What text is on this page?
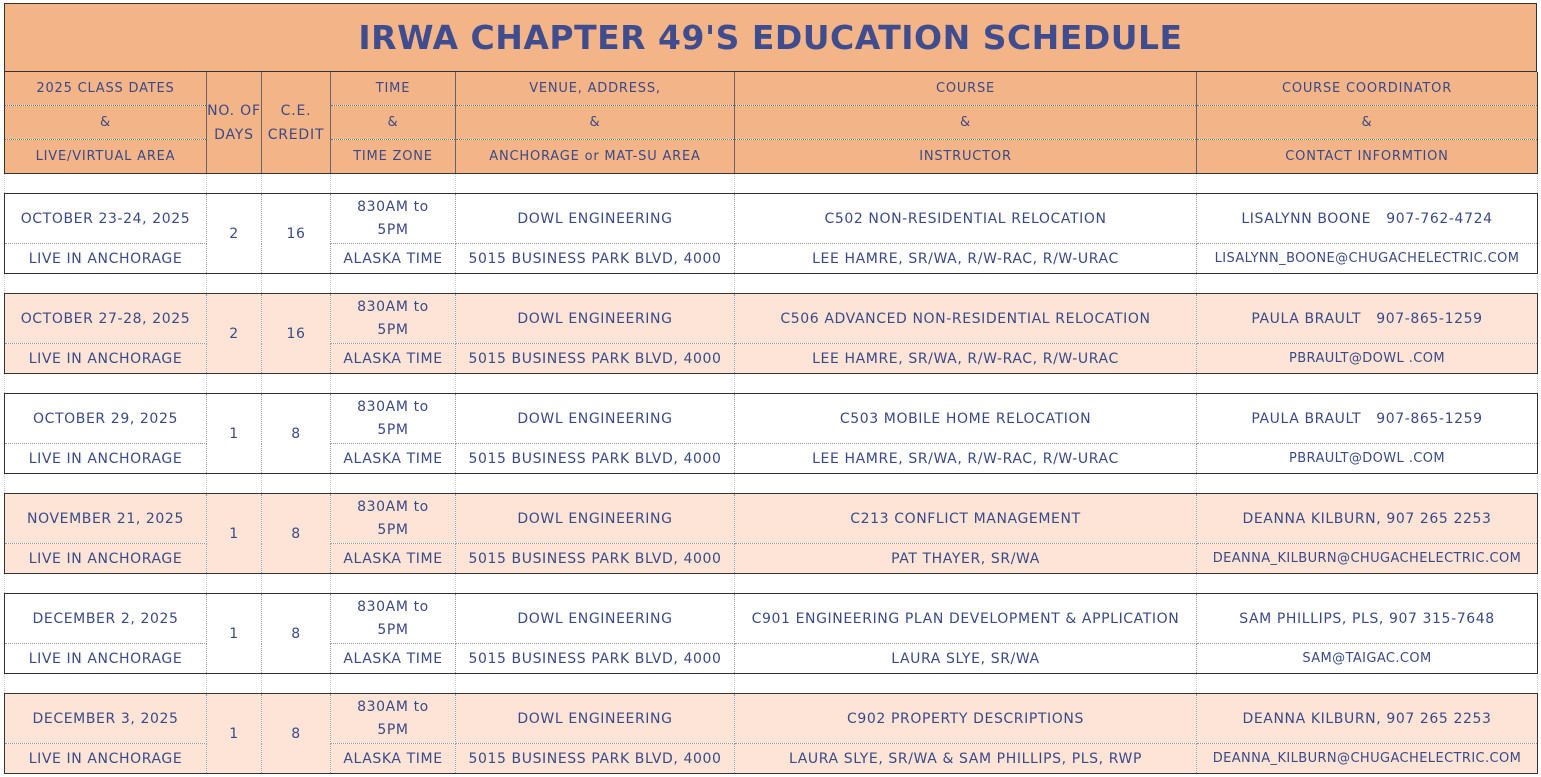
IRWA CHAPTER 49'S EDUCATION SCHEDULE
2025 CLASS DATES	NO. OF DAYS	C.E. CREDIT	TIME	VENUE, ADDRESS,	COURSE	COURSE COORDINATOR
&			&	&	&	&
LIVE/VIRTUAL AREA			TIME ZONE	ANCHORAGE or MAT-SU AREA	INSTRUCTOR	CONTACT INFORMTION

OCTOBER 23-24, 2025	2	16	830AM to 5PM	DOWL ENGINEERING	C502 NON-RESIDENTIAL RELOCATION	LISALYNN BOONE   907-762-4724
LIVE IN ANCHORAGE			ALASKA TIME	5015 BUSINESS PARK BLVD, 4000	LEE HAMRE, SR/WA, R/W-RAC, R/W-URAC	LISALYNN_BOONE@CHUGACHELECTRIC.COM

OCTOBER 27-28, 2025	2	16	830AM to 5PM	DOWL ENGINEERING	C506 ADVANCED NON-RESIDENTIAL RELOCATION	PAULA BRAULT   907-865-1259
LIVE IN ANCHORAGE			ALASKA TIME	5015 BUSINESS PARK BLVD, 4000	LEE HAMRE, SR/WA, R/W-RAC, R/W-URAC	PBRAULT@DOWL .COM

OCTOBER 29, 2025	1	8	830AM to 5PM	DOWL ENGINEERING	C503 MOBILE HOME RELOCATION	PAULA BRAULT   907-865-1259
LIVE IN ANCHORAGE			ALASKA TIME	5015 BUSINESS PARK BLVD, 4000	LEE HAMRE, SR/WA, R/W-RAC, R/W-URAC	PBRAULT@DOWL .COM

NOVEMBER 21, 2025	1	8	830AM to 5PM	DOWL ENGINEERING	C213 CONFLICT MANAGEMENT	DEANNA KILBURN, 907 265 2253
LIVE IN ANCHORAGE			ALASKA TIME	5015 BUSINESS PARK BLVD, 4000	PAT THAYER, SR/WA	DEANNA_KILBURN@CHUGACHELECTRIC.COM

DECEMBER 2, 2025	1	8	830AM to 5PM	DOWL ENGINEERING	C901 ENGINEERING PLAN DEVELOPMENT & APPLICATION	SAM PHILLIPS, PLS, 907 315-7648
LIVE IN ANCHORAGE			ALASKA TIME	5015 BUSINESS PARK BLVD, 4000	LAURA SLYE, SR/WA	SAM@TAIGAC.COM

DECEMBER 3, 2025	1	8	830AM to 5PM	DOWL ENGINEERING	C902 PROPERTY DESCRIPTIONS	DEANNA KILBURN, 907 265 2253
LIVE IN ANCHORAGE			ALASKA TIME	5015 BUSINESS PARK BLVD, 4000	LAURA SLYE, SR/WA & SAM PHILLIPS, PLS, RWP	DEANNA_KILBURN@CHUGACHELECTRIC.COM
